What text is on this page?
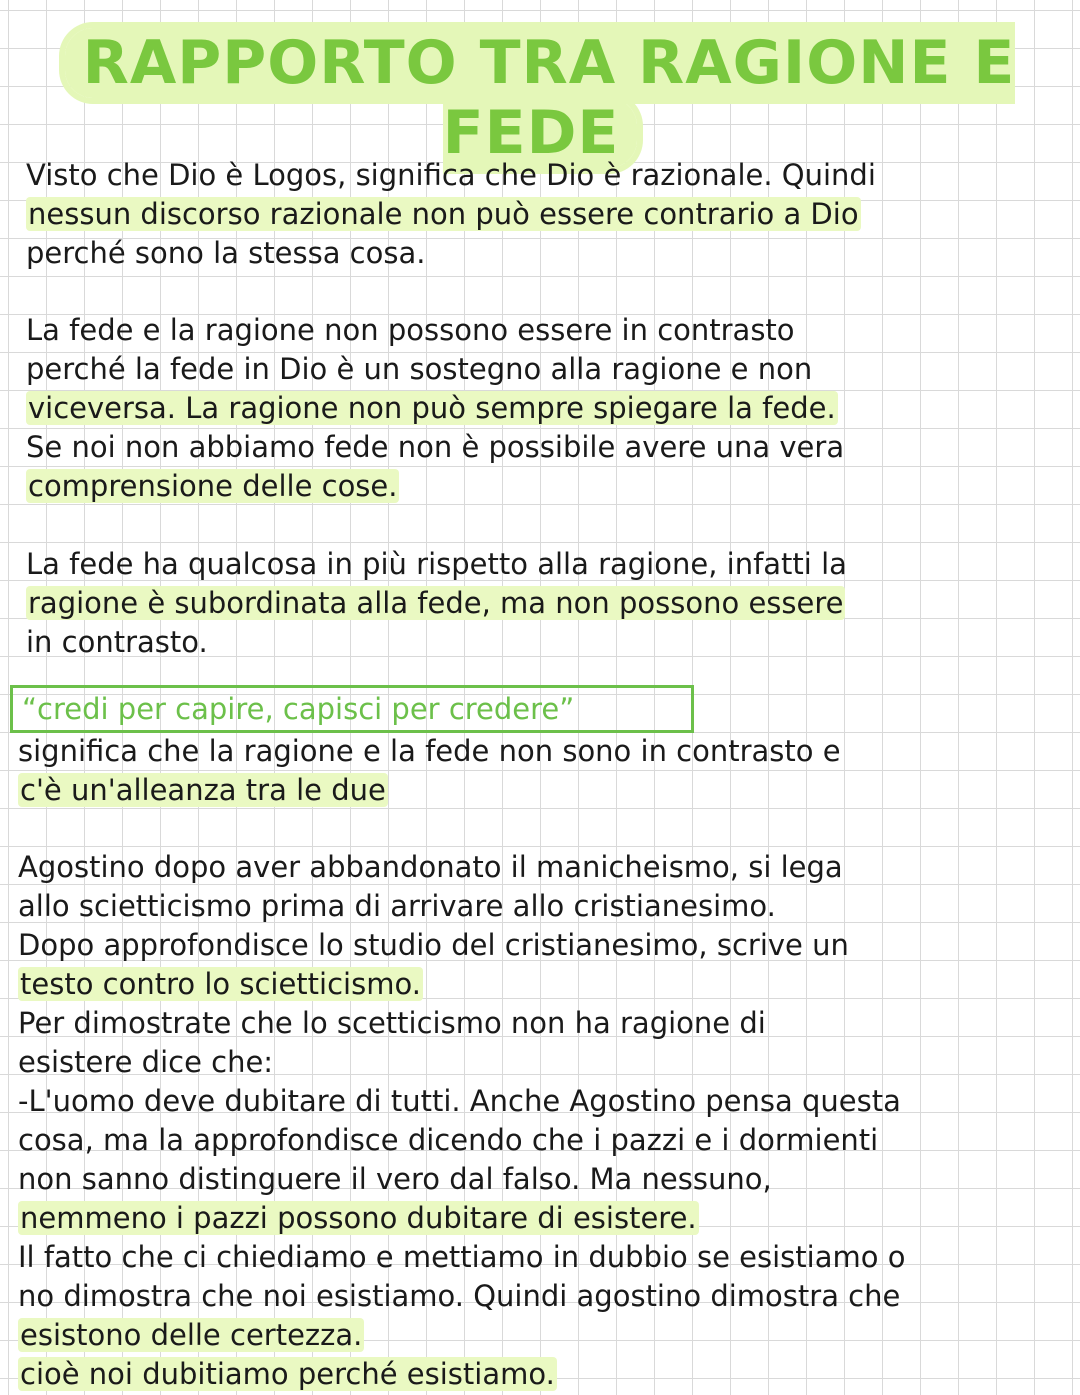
RAPPORTO TRA RAGIONE E FEDE

Visto che Dio è Logos, significa che Dio è razionale. Quindi
nessun discorso razionale non può essere contrario a Dio
perché sono la stessa cosa.

La fede e la ragione non possono essere in contrasto
perché la fede in Dio è un sostegno alla ragione e non
viceversa. La ragione non può sempre spiegare la fede.
Se noi non abbiamo fede non è possibile avere una vera
comprensione delle cose.

La fede ha qualcosa in più rispetto alla ragione, infatti la
ragione è subordinata alla fede, ma non possono essere
in contrasto.

“credi per capire, capisci per credere”

significa che la ragione e la fede non sono in contrasto e
c'è un'alleanza tra le due

Agostino dopo aver abbandonato il manicheismo, si lega
allo scietticismo prima di arrivare allo cristianesimo.
Dopo approfondisce lo studio del cristianesimo, scrive un
testo contro lo scietticismo.
Per dimostrate che lo scetticismo non ha ragione di
esistere dice che:
-L'uomo deve dubitare di tutti. Anche Agostino pensa questa
cosa, ma la approfondisce dicendo che i pazzi e i dormienti
non sanno distinguere il vero dal falso. Ma nessuno,
nemmeno i pazzi possono dubitare di esistere.
Il fatto che ci chiediamo e mettiamo in dubbio se esistiamo o
no dimostra che noi esistiamo. Quindi agostino dimostra che
esistono delle certezza.
cioè noi dubitiamo perché esistiamo.
